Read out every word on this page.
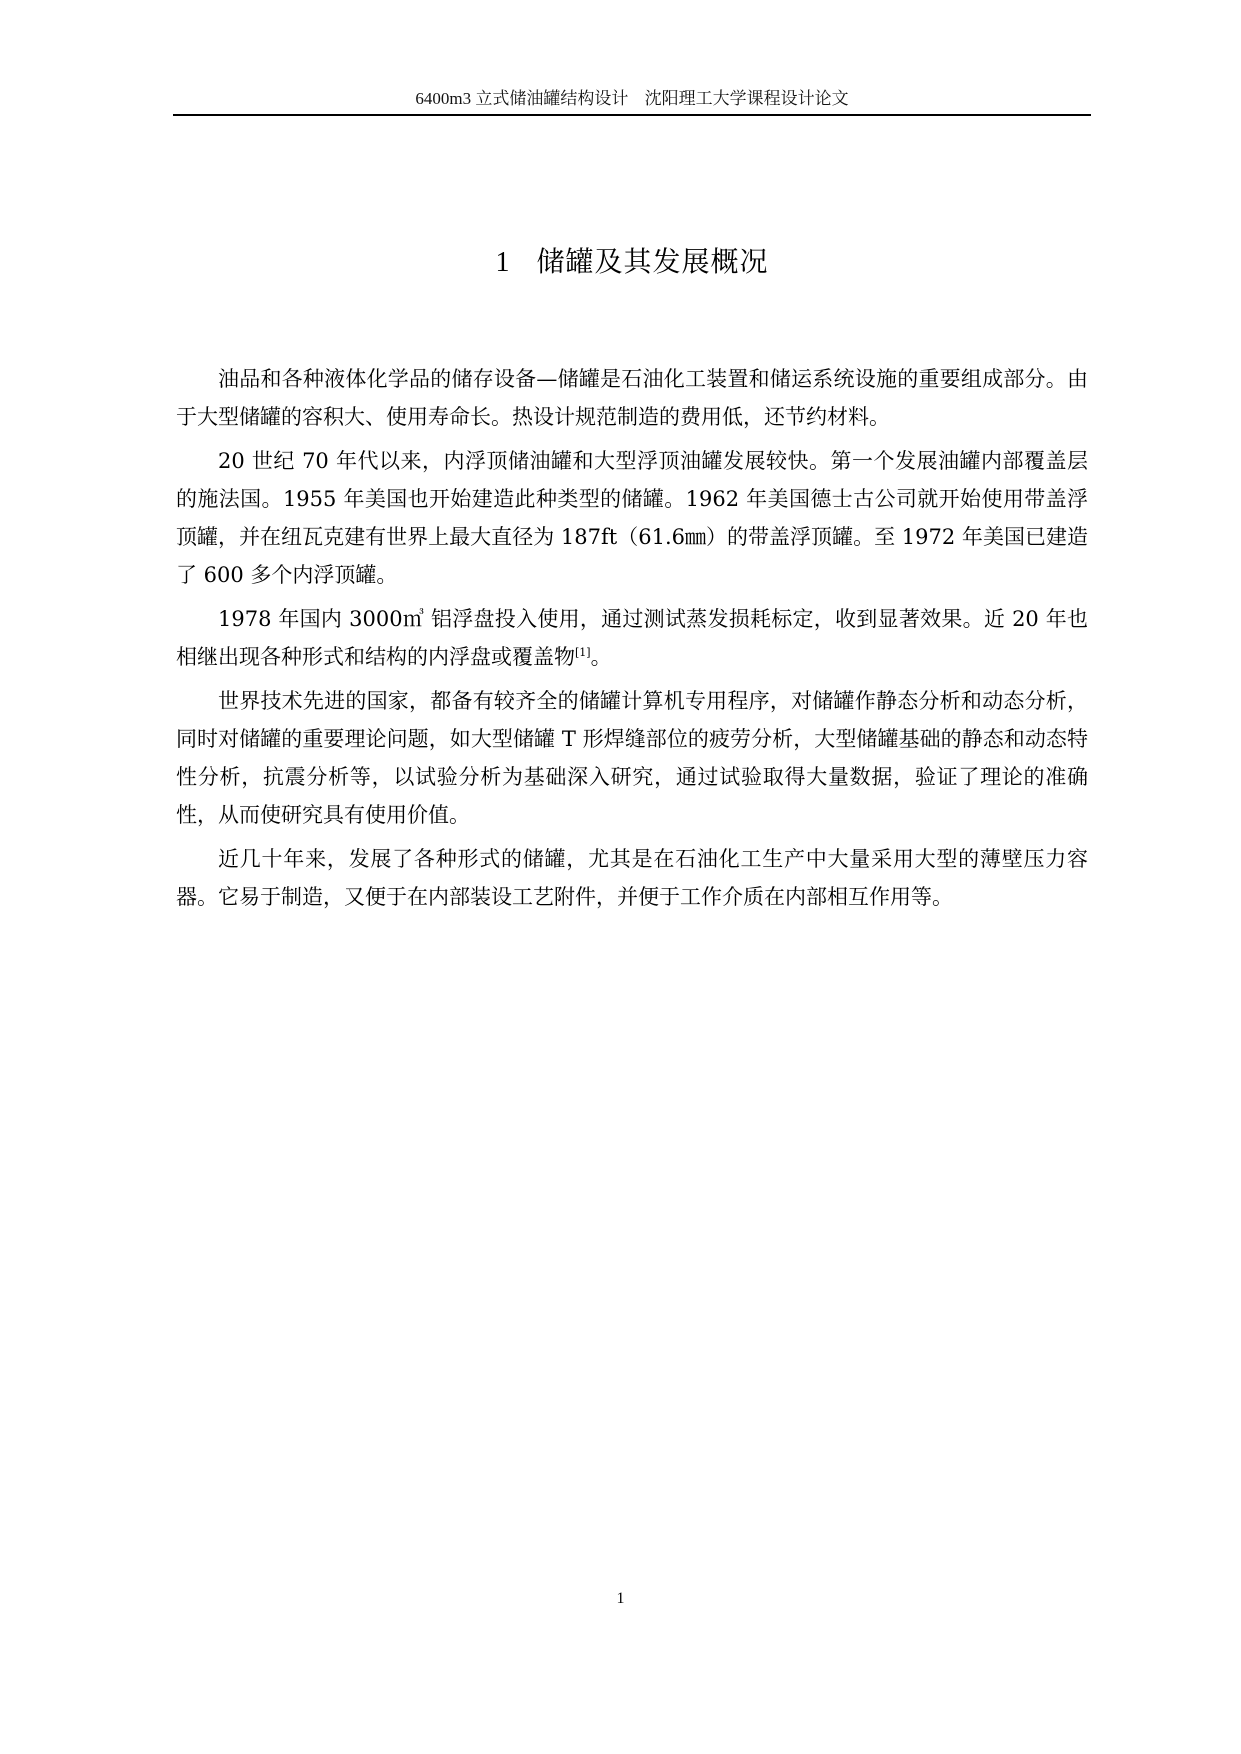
6400m3 立式储油罐结构设计 沈阳理工大学课程设计论文
1 储罐及其发展概况

油品和各种液体化学品的储存设备—储罐是石油化工装置和储运系统设施的重要组成部分。由于大型储罐的容积大、使用寿命长。热设计规范制造的费用低，还节约材料。

20 世纪 70 年代以来，内浮顶储油罐和大型浮顶油罐发展较快。第一个发展油罐内部覆盖层的施法国。1955 年美国也开始建造此种类型的储罐。1962 年美国德士古公司就开始使用带盖浮顶罐，并在纽瓦克建有世界上最大直径为 187ft（61.6㎜）的带盖浮顶罐。至 1972 年美国已建造了 600 多个内浮顶罐。

1978 年国内 3000㎥ 铝浮盘投入使用，通过测试蒸发损耗标定，收到显著效果。近 20 年也相继出现各种形式和结构的内浮盘或覆盖物[1]。

世界技术先进的国家，都备有较齐全的储罐计算机专用程序，对储罐作静态分析和动态分析，同时对储罐的重要理论问题，如大型储罐 T 形焊缝部位的疲劳分析，大型储罐基础的静态和动态特性分析，抗震分析等，以试验分析为基础深入研究，通过试验取得大量数据，验证了理论的准确性，从而使研究具有使用价值。

近几十年来，发展了各种形式的储罐，尤其是在石油化工生产中大量采用大型的薄壁压力容器。它易于制造，又便于在内部装设工艺附件，并便于工作介质在内部相互作用等。

1
